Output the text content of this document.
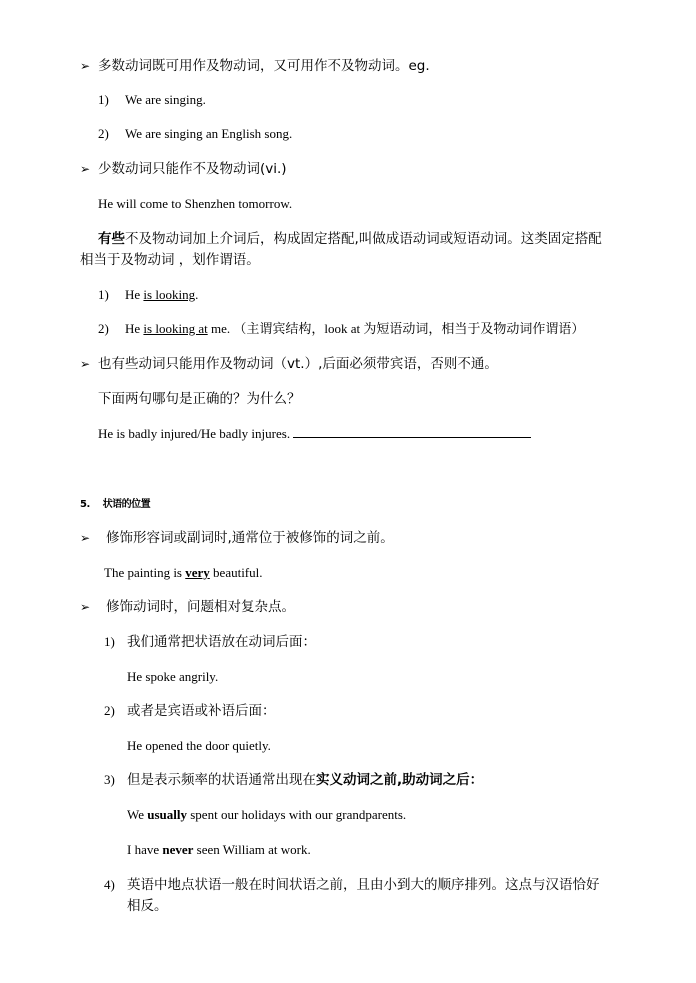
➢ 多数动词既可用作及物动词，又可用作不及物动词。eg.
1) We are singing.
2) We are singing an English song.
➢ 少数动词只能作不及物动词(vi.)
He will come to Shenzhen tomorrow.
有些不及物动词加上介词后，构成固定搭配,叫做成语动词或短语动词。这类固定搭配
相当于及物动词 ，划作谓语。
1) He is looking.
2) He is looking at me. （主谓宾结构，look at 为短语动词，相当于及物动词作谓语）
➢ 也有些动词只能用作及物动词（vt.）,后面必须带宾语，否则不通。
下面两句哪句是正确的？为什么？
He is badly injured/He badly injures.
5. 状语的位置
➢ 修饰形容词或副词时,通常位于被修饰的词之前。
The painting is very beautiful.
➢ 修饰动词时，问题相对复杂点。
1) 我们通常把状语放在动词后面：
He spoke angrily.
2) 或者是宾语或补语后面：
He opened the door quietly.
3) 但是表示频率的状语通常出现在实义动词之前,助动词之后：
We usually spent our holidays with our grandparents.
I have never seen William at work.
4) 英语中地点状语一般在时间状语之前，且由小到大的顺序排列。这点与汉语恰好
相反。
